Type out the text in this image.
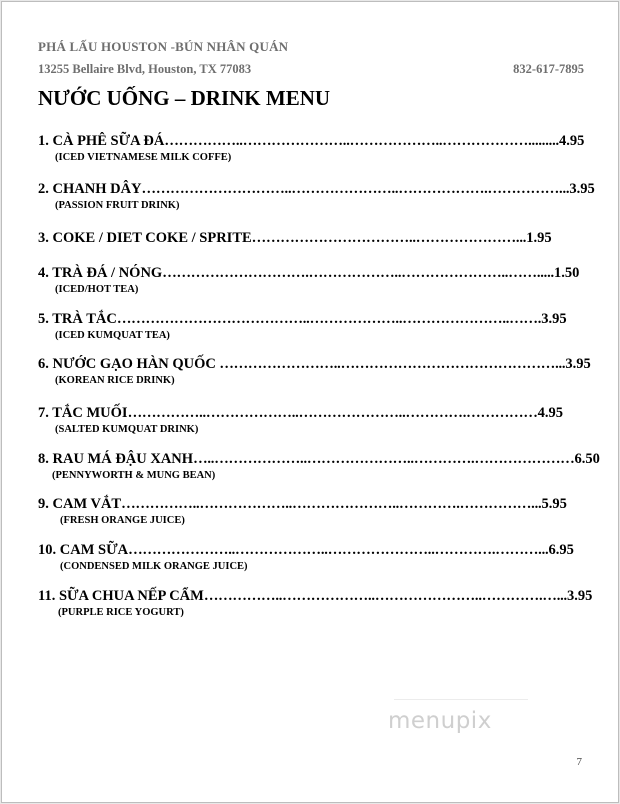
PHÁ LẤU HOUSTON -BÚN NHÂN QUÁN
13255 Bellaire Blvd, Houston, TX 77083	832-617-7895
NƯỚC UỐNG – DRINK MENU
1. CÀ PHÊ SỮA ĐÁ……………..…………………..………………..……………….........4.95
(ICED VIETNAMESE MILK COFFE)
2. CHANH DÂY…………………………..…………………..……………….……………...3.95
(PASSION FRUIT DRINK)
3. COKE / DIET COKE / SPRITE……………………………..…………………...1.95
4. TRÀ ĐÁ / NÓNG………………………….………………..…………………..…….....1.50
(ICED/HOT TEA)
5. TRÀ TẮC…………………………………..………………..…………………..…….3.95
(ICED KUMQUAT TEA)
6. NƯỚC GẠO HÀN QUỐC ……………………..………………………………………...3.95
(KOREAN RICE DRINK)
7. TẮC MUỐI……………..………………..…………………..………….……………4.95
(SALTED KUMQUAT DRINK)
8. RAU MÁ ĐẬU XANH…..………………..…………………..………….…………………6.50
(PENNYWORTH & MUNG BEAN)
9. CAM VẮT……………..………………..…………………..………….……………...5.95
(FRESH ORANGE JUICE)
10. CAM SỮA…………………..………………..…………………..………….………...6.95
(CONDENSED MILK ORANGE JUICE)
11. SỮA CHUA NẾP CẨM……………..………………..…………………..………….…...3.95
(PURPLE RICE YOGURT)
menupix
7
